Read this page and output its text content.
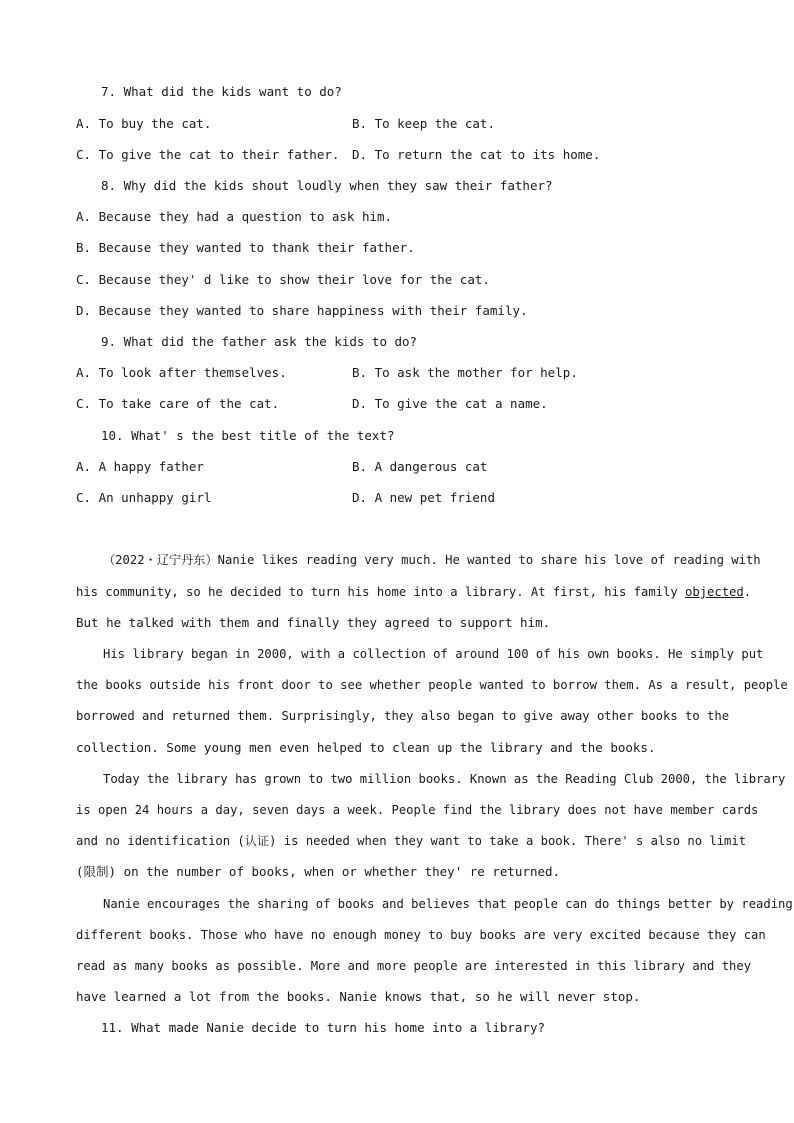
7. What did the kids want to do?
A. To buy the cat.	B. To keep the cat.
C. To give the cat to their father. D. To return the cat to its home.
8. Why did the kids shout loudly when they saw their father?
A. Because they had a question to ask him.
B. Because they wanted to thank their father.
C. Because they' d like to show their love for the cat.
D. Because they wanted to share happiness with their family.
9. What did the father ask the kids to do?
A. To look after themselves.	B. To ask the mother for help.
C. To take care of the cat.	D. To give the cat a name.
10. What' s the best title of the text?
A. A happy father	B. A dangerous cat
C. An unhappy girl	D. A new pet friend
（2022・辽宁丹东）Nanie likes reading very much. He wanted to share his love of reading with
his community, so he decided to turn his home into a library. At first, his family objected.
But he talked with them and finally they agreed to support him.
His library began in 2000, with a collection of around 100 of his own books. He simply put
the books outside his front door to see whether people wanted to borrow them. As a result, people
borrowed and returned them. Surprisingly, they also began to give away other books to the
collection. Some young men even helped to clean up the library and the books.
Today the library has grown to two million books. Known as the Reading Club 2000, the library
is open 24 hours a day, seven days a week. People find the library does not have member cards
and no identification (认证) is needed when they want to take a book. There' s also no limit
(限制) on the number of books, when or whether they' re returned.
Nanie encourages the sharing of books and believes that people can do things better by reading
different books. Those who have no enough money to buy books are very excited because they can
read as many books as possible. More and more people are interested in this library and they
have learned a lot from the books. Nanie knows that, so he will never stop.
11. What made Nanie decide to turn his home into a library?
